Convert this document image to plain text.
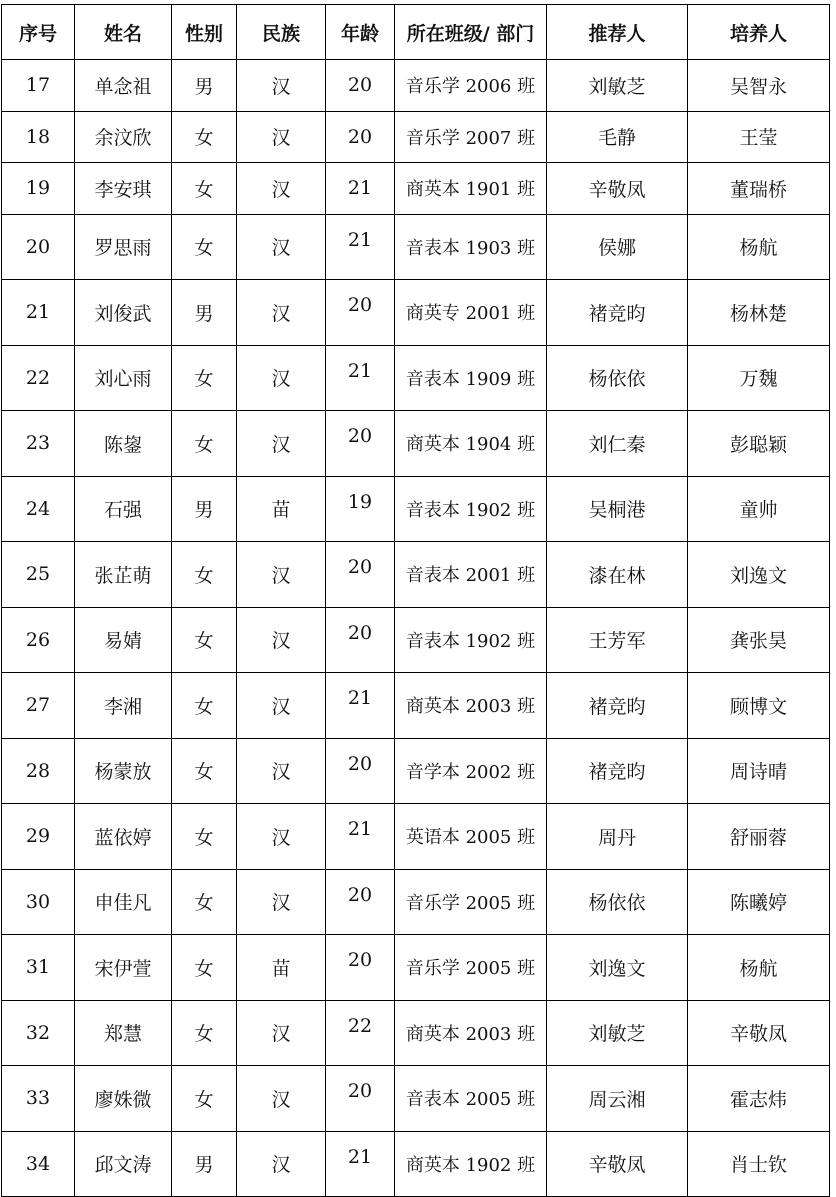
序号	姓名	性别	民族	年龄	所在班级/ 部门	推荐人	培养人
17	单念祖	男	汉	20	音乐学 2006 班	刘敏芝	吴智永
18	余汶欣	女	汉	20	音乐学 2007 班	毛静	王莹
19	李安琪	女	汉	21	商英本 1901 班	辛敬凤	董瑞桥
20	罗思雨	女	汉	21	音表本 1903 班	侯娜	杨航
21	刘俊武	男	汉	20	商英专 2001 班	褚竞昀	杨林楚
22	刘心雨	女	汉	21	音表本 1909 班	杨依依	万魏
23	陈鋆	女	汉	20	商英本 1904 班	刘仁秦	彭聪颖
24	石强	男	苗	19	音表本 1902 班	吴桐港	童帅
25	张芷萌	女	汉	20	音表本 2001 班	漆在林	刘逸文
26	易婧	女	汉	20	音表本 1902 班	王芳军	龚张昊
27	李湘	女	汉	21	商英本 2003 班	褚竞昀	顾博文
28	杨蒙放	女	汉	20	音学本 2002 班	褚竞昀	周诗晴
29	蓝依婷	女	汉	21	英语本 2005 班	周丹	舒丽蓉
30	申佳凡	女	汉	20	音乐学 2005 班	杨依依	陈曦婷
31	宋伊萱	女	苗	20	音乐学 2005 班	刘逸文	杨航
32	郑慧	女	汉	22	商英本 2003 班	刘敏芝	辛敬凤
33	廖姝微	女	汉	20	音表本 2005 班	周云湘	霍志炜
34	邱文涛	男	汉	21	商英本 1902 班	辛敬凤	肖士钦
